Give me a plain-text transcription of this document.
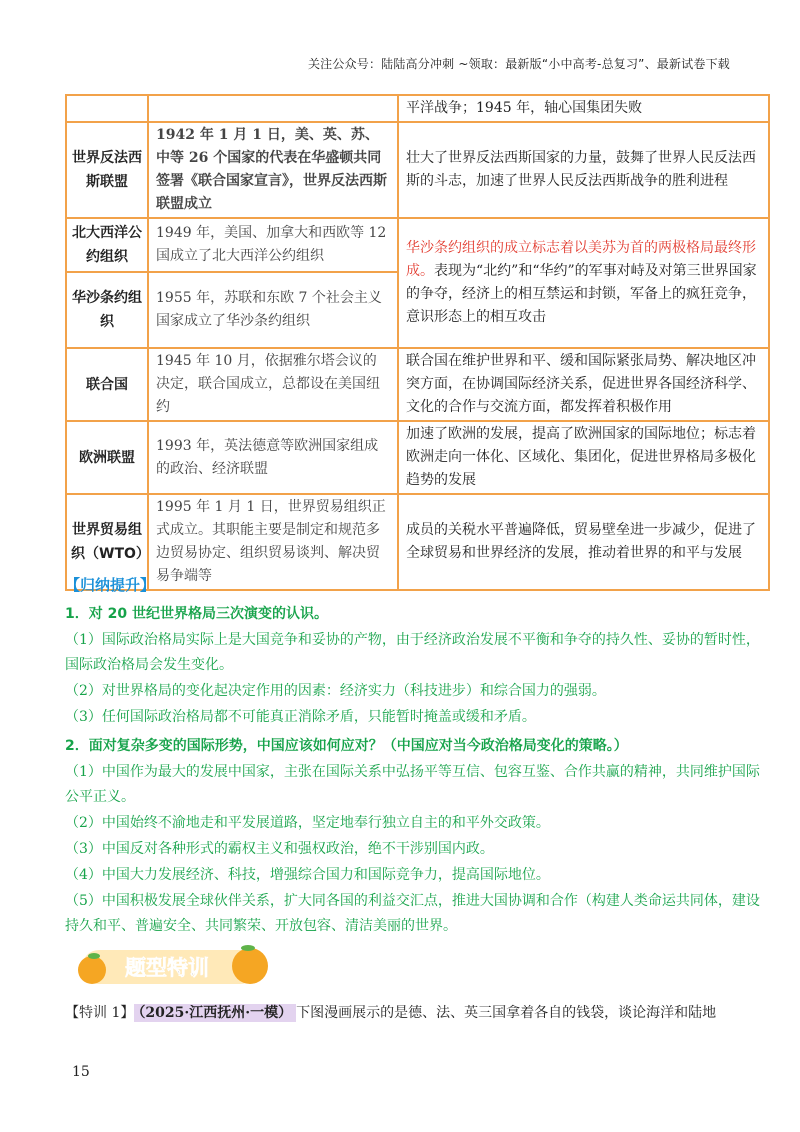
关注公众号：陆陆高分冲刺 ~领取：最新版“小中高考-总复习”、最新试卷下载
		平洋战争；1945 年，轴心国集团失败
世界反法西斯联盟	1942 年 1 月 1 日，美、英、苏、中等 26 个国家的代表在华盛顿共同签署《联合国家宣言》，世界反法西斯联盟成立	壮大了世界反法西斯国家的力量，鼓舞了世界人民反法西斯的斗志，加速了世界人民反法西斯战争的胜利进程
北大西洋公约组织	1949 年，美国、加拿大和西欧等 12 国成立了北大西洋公约组织	华沙条约组织的成立标志着以美苏为首的两极格局最终形成。表现为“北约”和“华约”的军事对峙及对第三世界国家的争夺，经济上的相互禁运和封锁，军备上的疯狂竞争，意识形态上的相互攻击
华沙条约组织	1955 年，苏联和东欧 7 个社会主义国家成立了华沙条约组织	
联合国	1945 年 10 月，依据雅尔塔会议的决定，联合国成立，总都设在美国纽约	联合国在维护世界和平、缓和国际紧张局势、解决地区冲突方面，在协调国际经济关系，促进世界各国经济科学、文化的合作与交流方面，都发挥着积极作用
欧洲联盟	1993 年，英法德意等欧洲国家组成的政治、经济联盟	加速了欧洲的发展，提高了欧洲国家的国际地位；标志着欧洲走向一体化、区域化、集团化，促进世界格局多极化趋势的发展
世界贸易组织（WTO）	1995 年 1 月 1 日，世界贸易组织正式成立。其职能主要是制定和规范多边贸易协定、组织贸易谈判、解决贸易争端等	成员的关税水平普遍降低，贸易壁垒进一步减少，促进了全球贸易和世界经济的发展，推动着世界的和平与发展
【归纳提升】
1．对 20 世纪世界格局三次演变的认识。
（1）国际政治格局实际上是大国竞争和妥协的产物，由于经济政治发展不平衡和争夺的持久性、妥协的暂时性，国际政治格局会发生变化。
（2）对世界格局的变化起决定作用的因素：经济实力（科技进步）和综合国力的强弱。
（3）任何国际政治格局都不可能真正消除矛盾，只能暂时掩盖或缓和矛盾。
2．面对复杂多变的国际形势，中国应该如何应对？（中国应对当今政治格局变化的策略。）
（1）中国作为最大的发展中国家，主张在国际关系中弘扬平等互信、包容互鉴、合作共赢的精神，共同维护国际公平正义。
（2）中国始终不渝地走和平发展道路，坚定地奉行独立自主的和平外交政策。
（3）中国反对各种形式的霸权主义和强权政治，绝不干涉别国内政。
（4）中国大力发展经济、科技，增强综合国力和国际竞争力，提高国际地位。
（5）中国积极发展全球伙伴关系，扩大同各国的利益交汇点，推进大国协调和合作（构建人类命运共同体，建设持久和平、普遍安全、共同繁荣、开放包容、清洁美丽的世界。
题型特训
【特训 1】 （2025·江西抚州·一模） 下图漫画展示的是德、法、英三国拿着各自的钱袋，谈论海洋和陆地
15
